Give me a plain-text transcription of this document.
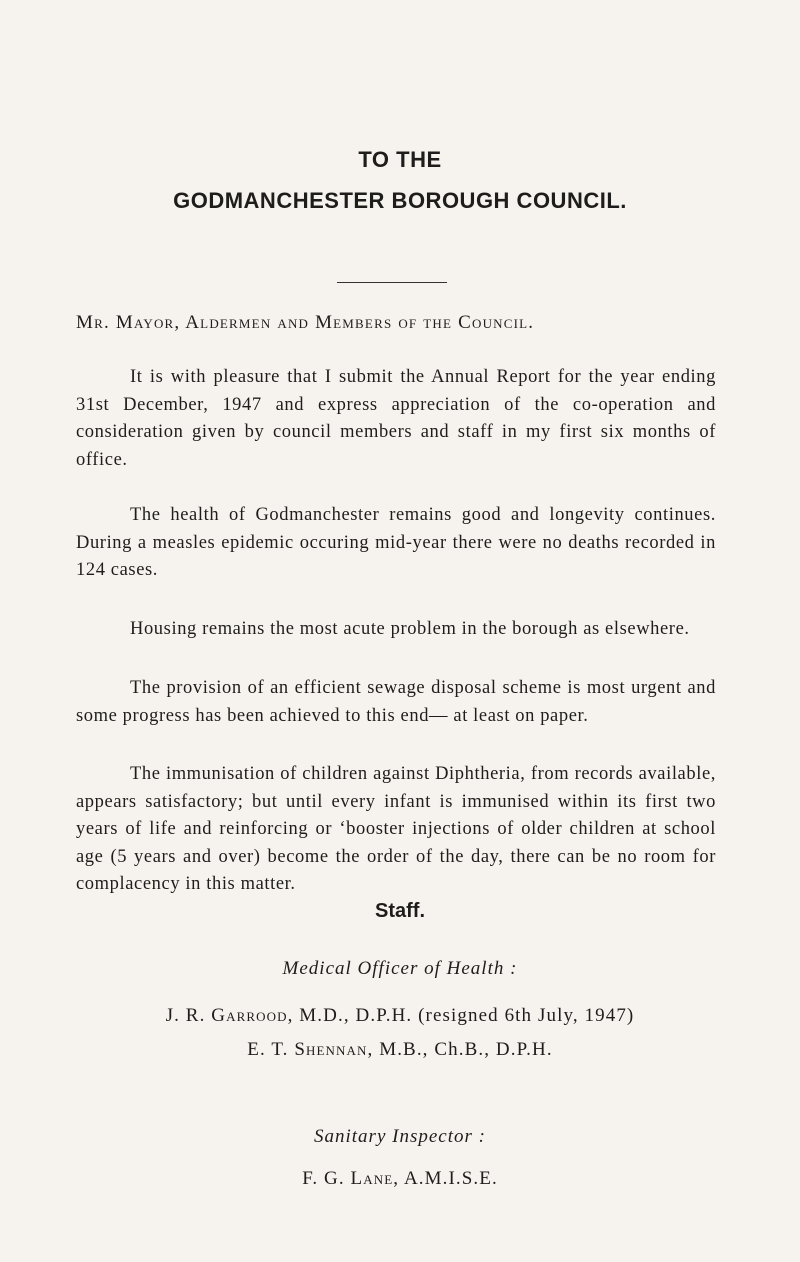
TO THE
GODMANCHESTER BOROUGH COUNCIL.
Mr. Mayor, Aldermen and Members of the Council.
It is with pleasure that I submit the Annual Report for the year ending 31st December, 1947 and express appreciation of the co-operation and consideration given by council members and staff in my first six months of office.
The health of Godmanchester remains good and longevity continues. During a measles epidemic occuring mid-year there were no deaths recorded in 124 cases.
Housing remains the most acute problem in the borough as elsewhere.
The provision of an efficient sewage disposal scheme is most urgent and some progress has been achieved to this end— at least on paper.
The immunisation of children against Diphtheria, from records available, appears satisfactory; but until every infant is immunised within its first two years of life and reinforcing or ‘booster injections of older children at school age (5 years and over) become the order of the day, there can be no room for complacency in this matter.
Staff.
Medical Officer of Health :
J. R. Garrood, M.D., D.P.H. (resigned 6th July, 1947)
E. T. Shennan, M.B., Ch.B., D.P.H.
Sanitary Inspector :
F. G. Lane, A.M.I.S.E.
